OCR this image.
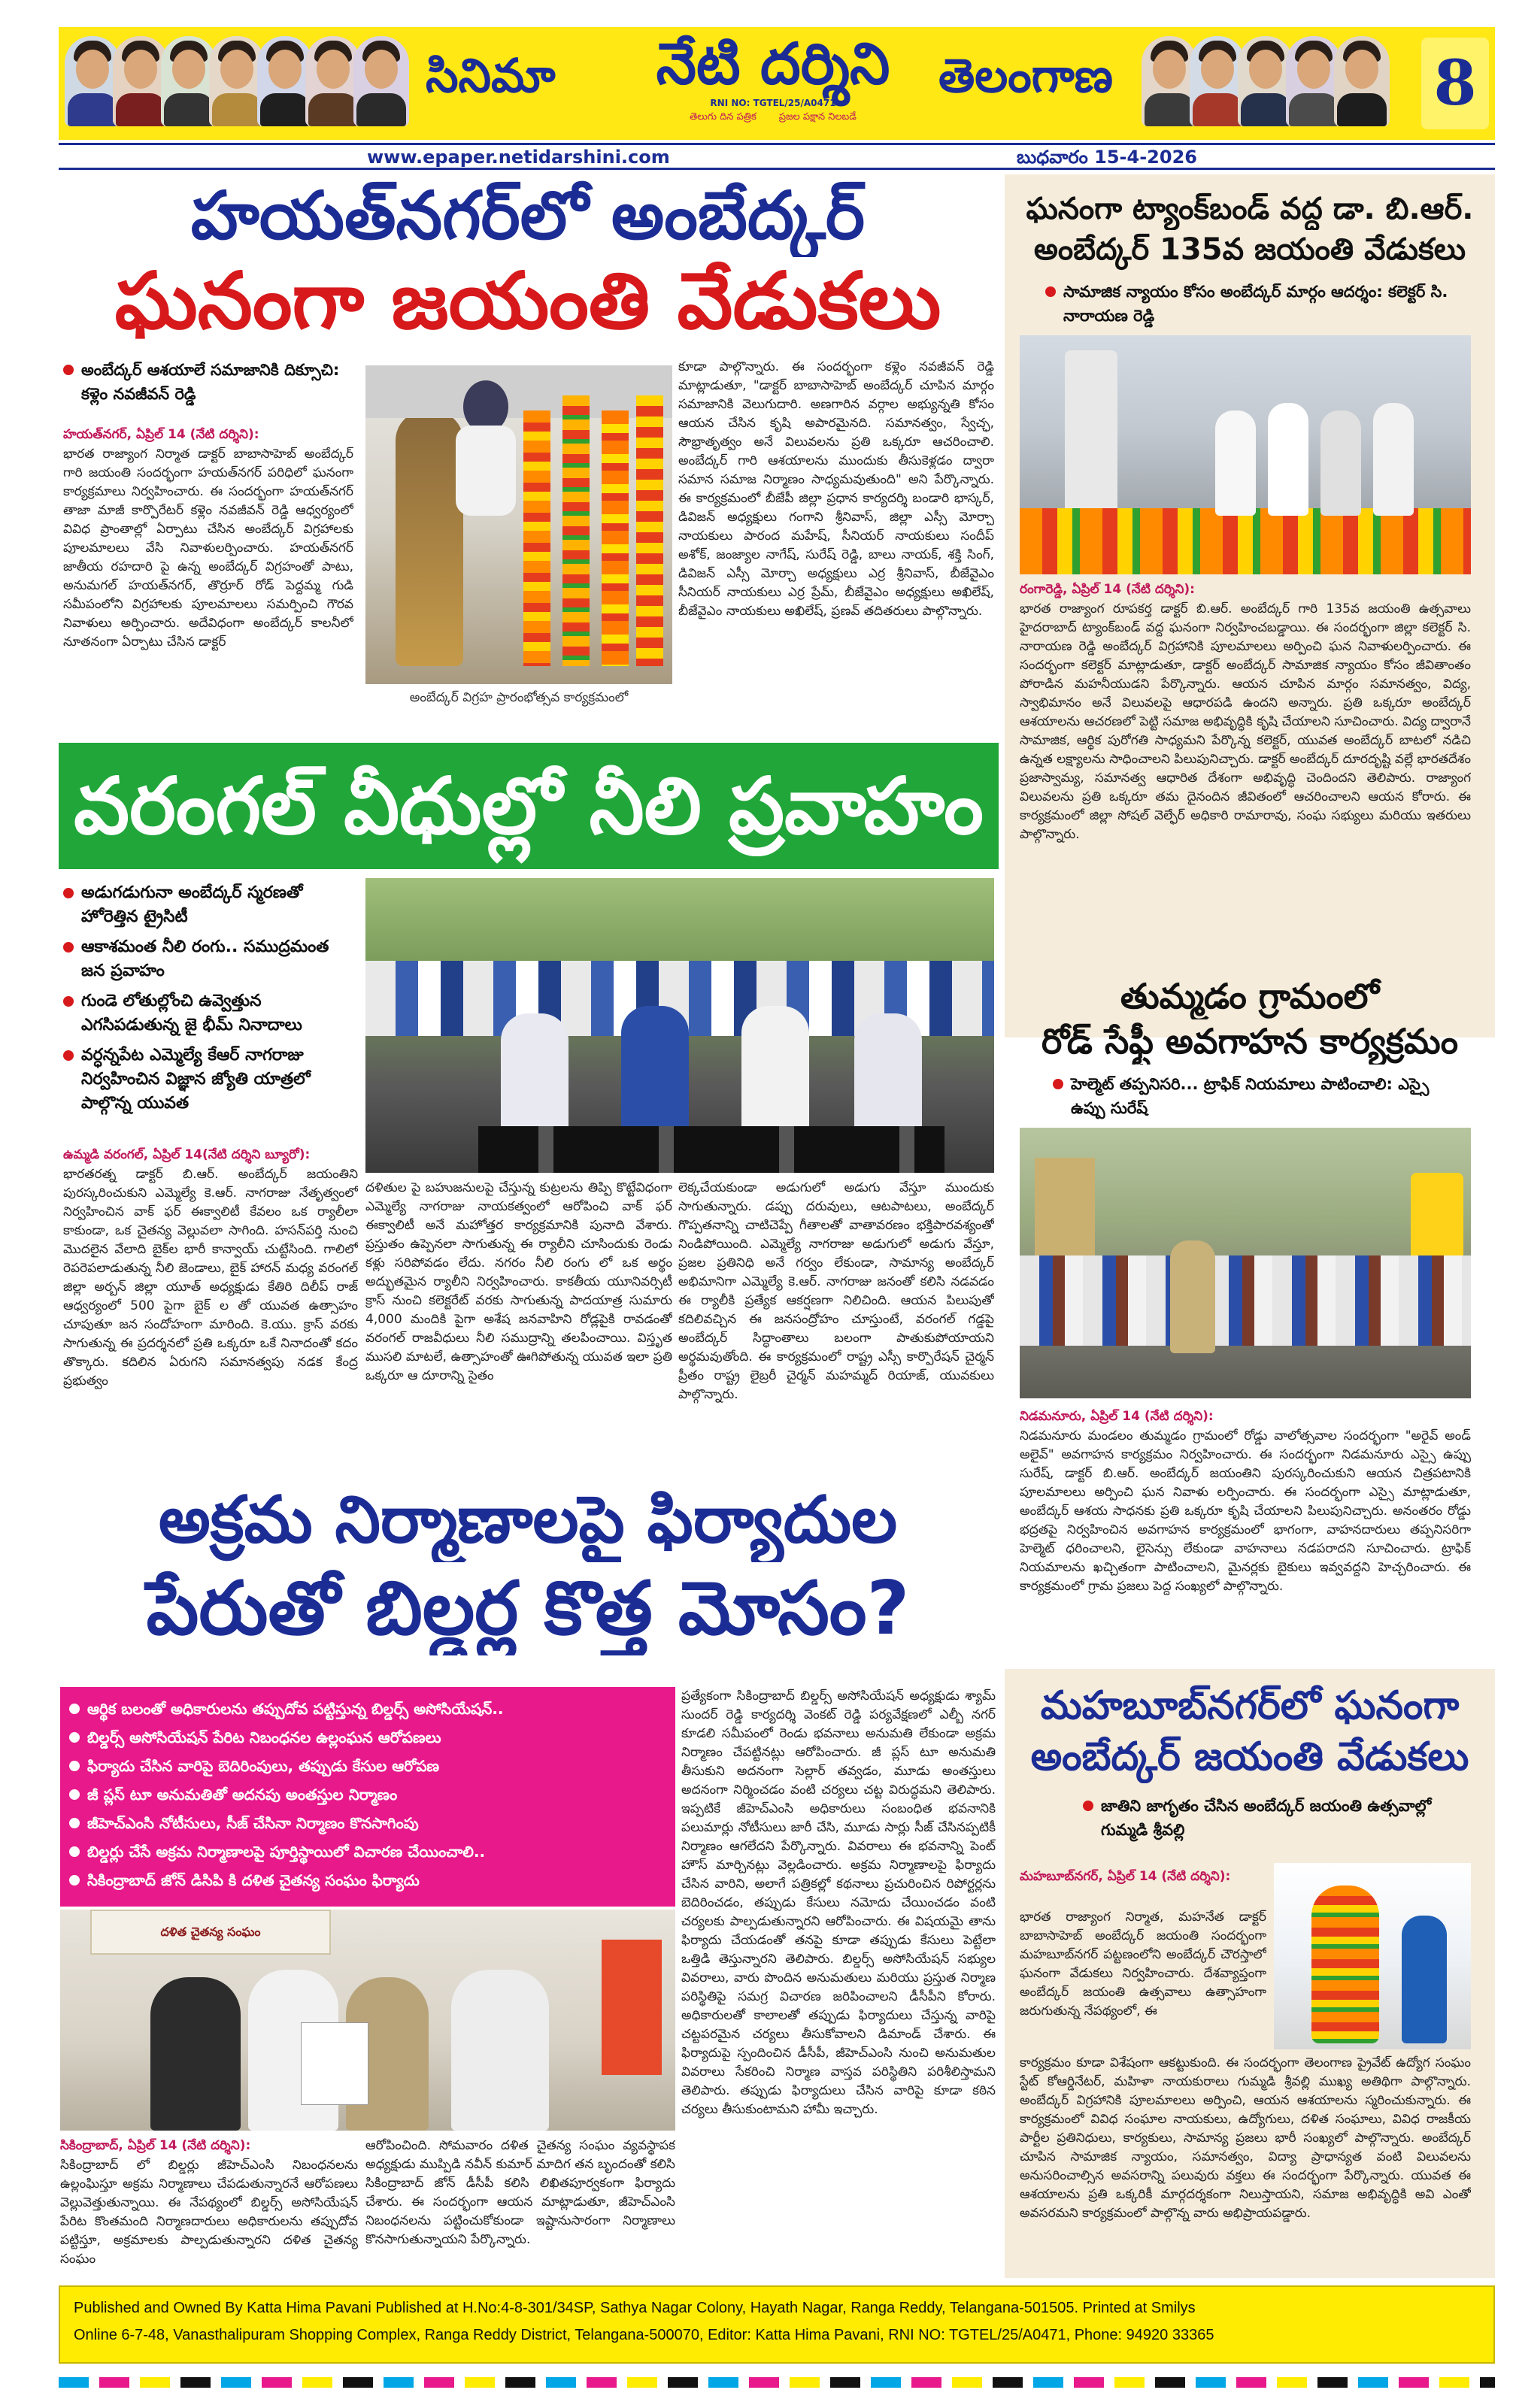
సినిమా	నేటి దర్శిని
RNI NO: TGTEL/25/A0471
తెలుగు దిన పత్రిక ప్రజల పక్షాన నిలబడే
తెలంగాణ	8
www.epaper.netidarshini.com	బుధవారం 15-4-2026
హయత్‌నగర్‌లో అంబేద్కర్
ఘనంగా జయంతి వేడుకలు
అంబేద్కర్ ఆశయాలే సమాజానికి దిక్సూచి: కళ్లెం నవజీవన్ రెడ్డి
హయత్‌నగర్, ఏప్రిల్ 14 (నేటి దర్శిని):
భారత రాజ్యాంగ నిర్మాత డాక్టర్ బాబాసాహెబ్ అంబేద్కర్ గారి జయంతి సందర్భంగా హయత్‌నగర్ పరిధిలో ఘనంగా కార్యక్రమాలు నిర్వహించారు. ఈ సందర్భంగా హయత్‌నగర్ తాజా మాజీ కార్పొరేటర్ కళ్లెం నవజీవన్ రెడ్డి ఆధ్వర్యంలో వివిధ ప్రాంతాల్లో ఏర్పాటు చేసిన అంబేద్కర్ విగ్రహాలకు పూలమాలలు వేసి నివాళులర్పించారు. హయత్‌నగర్ జాతీయ రహదారి పై ఉన్న అంబేద్కర్ విగ్రహంతో పాటు, అనుమగల్ హయత్‌నగర్, తొర్రూర్ రోడ్ పెద్దమ్మ గుడి సమీపంలోని విగ్రహాలకు పూలమాలలు సమర్పించి గౌరవ నివాళులు అర్పించారు. అదేవిధంగా అంబేద్కర్ కాలనీలో నూతనంగా ఏర్పాటు చేసిన డాక్టర్
అంబేద్కర్ విగ్రహ ప్రారంభోత్సవ కార్యక్రమంలో
కూడా పాల్గొన్నారు. ఈ సందర్భంగా కళ్లెం నవజీవన్ రెడ్డి మాట్లాడుతూ, "డాక్టర్ బాబాసాహెబ్ అంబేద్కర్ చూపిన మార్గం సమాజానికి వెలుగుదారి. అణగారిన వర్గాల అభ్యున్నతి కోసం ఆయన చేసిన కృషి అపారమైనది. సమానత్వం, స్వేచ్ఛ, సౌభ్రాతృత్వం అనే విలువలను ప్రతి ఒక్కరూ ఆచరించాలి. అంబేద్కర్ గారి ఆశయాలను ముందుకు తీసుకెళ్లడం ద్వారా సమాన సమాజ నిర్మాణం సాధ్యమవుతుంది" అని పేర్కొన్నారు. ఈ కార్యక్రమంలో బీజేపీ జిల్లా ప్రధాన కార్యదర్శి బండారి భాస్కర్, డివిజన్ అధ్యక్షులు గంగాని శ్రీనివాస్, జిల్లా ఎస్సీ మోర్చా నాయకులు పారంద మహేష్, సీనియర్ నాయకులు సందీప్ అశోక్, జంజ్యాల నాగేష్, సురేష్ రెడ్డి, బాలు నాయక్, శక్తి సింగ్, డివిజన్ ఎస్సీ మోర్చా అధ్యక్షులు ఎర్ర శ్రీనివాస్, బీజేవైఎం సీనియర్ నాయకులు ఎర్ర ప్రేమ్, బీజేవైఎం అధ్యక్షులు అఖిలేష్, బీజేవైఎం నాయకులు అఖిలేష్, ప్రణవ్ తదితరులు పాల్గొన్నారు.
ఘనంగా ట్యాంక్‌బండ్ వద్ద డా. బి.ఆర్.
అంబేద్కర్ 135వ జయంతి వేడుకలు
సామాజిక న్యాయం కోసం అంబేద్కర్ మార్గం ఆదర్శం: కలెక్టర్ సి. నారాయణ రెడ్డి
రంగారెడ్డి, ఏప్రిల్ 14 (నేటి దర్శిని):
భారత రాజ్యాంగ రూపకర్త డాక్టర్ బి.ఆర్. అంబేద్కర్ గారి 135వ జయంతి ఉత్సవాలు హైదరాబాద్ ట్యాంక్‌బండ్ వద్ద ఘనంగా నిర్వహించబడ్డాయి. ఈ సందర్భంగా జిల్లా కలెక్టర్ సి. నారాయణ రెడ్డి అంబేద్కర్ విగ్రహానికి పూలమాలలు అర్పించి ఘన నివాళులర్పించారు. ఈ సందర్భంగా కలెక్టర్ మాట్లాడుతూ, డాక్టర్ అంబేద్కర్ సామాజిక న్యాయం కోసం జీవితాంతం పోరాడిన మహనీయుడని పేర్కొన్నారు. ఆయన చూపిన మార్గం సమానత్వం, విద్య, స్వాభిమానం అనే విలువలపై ఆధారపడి ఉందని అన్నారు. ప్రతి ఒక్కరూ అంబేద్కర్ ఆశయాలను ఆచరణలో పెట్టి సమాజ అభివృద్ధికి కృషి చేయాలని సూచించారు. విద్య ద్వారానే సామాజిక, ఆర్థిక పురోగతి సాధ్యమని పేర్కొన్న కలెక్టర్, యువత అంబేద్కర్ బాటలో నడిచి ఉన్నత లక్ష్యాలను సాధించాలని పిలుపునిచ్చారు. డాక్టర్ అంబేద్కర్ దూరదృష్టి వల్లే భారతదేశం ప్రజాస్వామ్య, సమానత్వ ఆధారిత దేశంగా అభివృద్ధి చెందిందని తెలిపారు. రాజ్యాంగ విలువలను ప్రతి ఒక్కరూ తమ దైనందిన జీవితంలో ఆచరించాలని ఆయన కోరారు. ఈ కార్యక్రమంలో జిల్లా సోషల్ వెల్ఫేర్ అధికారి రామారావు, సంఘ సభ్యులు మరియు ఇతరులు పాల్గొన్నారు.
వరంగల్ వీధుల్లో నీలి ప్రవాహం
అడుగడుగునా అంబేద్కర్ స్మరణతో హోరెత్తిన ట్రైసిటీ
ఆకాశమంత నీలి రంగు.. సముద్రమంత జన ప్రవాహం
గుండె లోతుల్లోంచి ఉవ్వెత్తున ఎగసిపడుతున్న జై భీమ్ నినాదాలు
వర్ధన్నపేట ఎమ్మెల్యే కేఆర్ నాగరాజు నిర్వహించిన విజ్ఞాన జ్యోతి యాత్రలో పాల్గొన్న యువత
ఉమ్మడి వరంగల్, ఏప్రిల్ 14(నేటి దర్శిని బ్యూరో):
భారతరత్న డాక్టర్ బి.ఆర్. అంబేద్కర్ జయంతిని పురస్కరించుకుని ఎమ్మెల్యే కె.ఆర్. నాగరాజు నేతృత్వంలో నిర్వహించిన వాక్ ఫర్ ఈక్వాలిటీ కేవలం ఒక ర్యాలీలా కాకుండా, ఒక చైతన్య వెల్లువలా సాగింది. హసన్‌పర్తి నుంచి మొదలైన వేలాది బైక్‌ల భారీ కాన్వాయ్ చుట్టేసింది. గాలిలో రెపరెపలాడుతున్న నీలి జెండాలు, బైక్ హారన్ మధ్య వరంగల్ జిల్లా అర్బన్ జిల్లా యూత్ అధ్యక్షుడు కేతిరి దిలీప్ రాజ్ ఆధ్వర్యంలో 500 పైగా బైక్ ల తో యువత ఉత్సాహం చూపుతూ జన సందోహంగా మారింది. కె.యు. క్రాస్ వరకు సాగుతున్న ఈ ప్రదర్శనలో ప్రతి ఒక్కరూ ఒకే నినాదంతో కదం తొక్కారు. కదిలిన ఏరుగని సమానత్వపు నడక కేంద్ర ప్రభుత్వం
దళితుల పై బహుజనులపై చేస్తున్న కుట్రలను తిప్పి కొట్టేవిధంగా ఎమ్మెల్యే నాగరాజు నాయకత్వంలో ఆరోపించి వాక్ ఫర్ ఈక్వాలిటీ అనే మహోత్తర కార్యక్రమానికి పునాది వేశారు. ప్రస్తుతం ఉప్పెనలా సాగుతున్న ఈ ర్యాలీని చూసిందుకు రెండు కళ్లు సరిపోవడం లేదు. నగరం నీలి రంగు లో ఒక అర్థం అద్భుతమైన ర్యాలీని నిర్వహించారు. కాకతీయ యూనివర్సిటీ క్రాస్ నుంచి కలెక్టరేట్ వరకు సాగుతున్న పాదయాత్ర సుమారు 4,000 మందికి పైగా అశేష జనవాహిని రోడ్లపైకి రావడంతో వరంగల్ రాజవీధులు నీలి సముద్రాన్ని తలపించాయి. విస్తృత ముసలి మాటలే, ఉత్సాహంతో ఊగిపోతున్న యువత ఇలా ప్రతి ఒక్కరూ ఆ దూరాన్ని సైతం
లెక్కచేయకుండా అడుగులో అడుగు వేస్తూ ముందుకు సాగుతున్నారు. డప్పు దరువులు, ఆటపాటలు, అంబేద్కర్ గొప్పతనాన్ని చాటిచెప్పే గీతాలతో వాతావరణం భక్తిపారవశ్యంతో నిండిపోయింది. ఎమ్మెల్యే నాగరాజు అడుగులో అడుగు వేస్తూ, ప్రజల ప్రతినిధి అనే గర్వం లేకుండా, సామాన్య అంబేద్కర్ అభిమానిగా ఎమ్మెల్యే కె.ఆర్. నాగరాజు జనంతో కలిసి నడవడం ఈ ర్యాలీకి ప్రత్యేక ఆకర్షణగా నిలిచింది. ఆయన పిలుపుతో కదిలివచ్చిన ఈ జనసంద్రోహం చూస్తుంటే, వరంగల్ గడ్డపై అంబేద్కర్ సిద్ధాంతాలు బలంగా పాతుకుపోయాయని అర్థమవుతోంది. ఈ కార్యక్రమంలో రాష్ట్ర ఎస్సీ కార్పొరేషన్ చైర్మన్ ప్రీతం రాష్ట్ర లైబ్రరీ చైర్మన్ మహమ్మద్ రియాజ్, యువకులు పాల్గొన్నారు.
తుమ్మడం గ్రామంలో
రోడ్ సేఫ్టీ అవగాహన కార్యక్రమం
హెల్మెట్ తప్పనిసరి... ట్రాఫిక్ నియమాలు పాటించాలి: ఎస్సై ఉప్పు సురేష్
నిడమనూరు, ఏప్రిల్ 14 (నేటి దర్శిని):
నిడమనూరు మండలం తుమ్మడం గ్రామంలో రోడ్డు వాలోత్సవాల సందర్భంగా "అరైవ్ అండ్ అలైవ్" అవగాహన కార్యక్రమం నిర్వహించారు. ఈ సందర్భంగా నిడమనూరు ఎస్సై ఉప్పు సురేష్, డాక్టర్ బి.ఆర్. అంబేద్కర్ జయంతిని పురస్కరించుకుని ఆయన చిత్రపటానికి పూలమాలలు అర్పించి ఘన నివాళు లర్పించారు. ఈ సందర్భంగా ఎస్సై మాట్లాడుతూ, అంబేద్కర్ ఆశయ సాధనకు ప్రతి ఒక్కరూ కృషి చేయాలని పిలుపునిచ్చారు. అనంతరం రోడ్డు భద్రతపై నిర్వహించిన అవగాహన కార్యక్రమంలో భాగంగా, వాహనదారులు తప్పనిసరిగా హెల్మెట్ ధరించాలని, లైసెన్సు లేకుండా వాహనాలు నడపరాదని సూచించారు. ట్రాఫిక్ నియమాలను ఖచ్చితంగా పాటించాలని, మైనర్లకు బైకులు ఇవ్వవద్దని హెచ్చరించారు. ఈ కార్యక్రమంలో గ్రామ ప్రజలు పెద్ద సంఖ్యలో పాల్గొన్నారు.
అక్రమ నిర్మాణాలపై ఫిర్యాదుల
పేరుతో బిల్డర్ల కొత్త మోసం?
ఆర్థిక బలంతో అధికారులను తప్పుదోవ పట్టిస్తున్న బిల్డర్స్ అసోసియేషన్..
బిల్డర్స్ అసోసియేషన్ పేరిట నిబంధనల ఉల్లంఘన ఆరోపణలు
ఫిర్యాదు చేసిన వారిపై బెదిరింపులు, తప్పుడు కేసుల ఆరోపణ
జీ ప్లస్ టూ అనుమతితో అదనపు అంతస్తుల నిర్మాణం
జీహెచ్ఎంసి నోటీసులు, సీజ్ చేసినా నిర్మాణం కొనసాగింపు
బిల్డర్లు చేసే అక్రమ నిర్మాణాలపై పూర్తిస్థాయిలో విచారణ చేయించాలి..
సికింద్రాబాద్ జోన్ డిసిపి కి దళిత చైతన్య సంఘం ఫిర్యాదు
దళిత చైతన్య సంఘం
సికింద్రాబాద్, ఏప్రిల్ 14 (నేటి దర్శిని):
సికింద్రాబాద్ లో బిల్డర్లు జీహెచ్ఎంసి నిబంధనలను ఉల్లంఘిస్తూ అక్రమ నిర్మాణాలు చేపడుతున్నారనే ఆరోపణలు వెల్లువెత్తుతున్నాయి. ఈ నేపథ్యంలో బిల్డర్స్ అసోసియేషన్ పేరిట కొంతమంది నిర్మాణదారులు అధికారులను తప్పుదోవ పట్టిస్తూ, అక్రమాలకు పాల్పడుతున్నారని దళిత చైతన్య సంఘం
ఆరోపించింది. సోమవారం దళిత చైతన్య సంఘం వ్యవస్థాపక అధ్యక్షుడు ముప్పిడి నవీన్ కుమార్ మాదిగ తన బృందంతో కలిసి సికింద్రాబాద్ జోన్ డీసీపీ కలిసి లిఖితపూర్వకంగా ఫిర్యాదు చేశారు. ఈ సందర్భంగా ఆయన మాట్లాడుతూ, జీహెచ్ఎంసి నిబంధనలను పట్టించుకోకుండా ఇష్టానుసారంగా నిర్మాణాలు కొనసాగుతున్నాయని పేర్కొన్నారు.
ప్రత్యేకంగా సికింద్రాబాద్ బిల్డర్స్ అసోసియేషన్ అధ్యక్షుడు శ్యామ్ సుందర్ రెడ్డి కార్యదర్శి వెంకట్ రెడ్డి పర్యవేక్షణలో ఎల్బీ నగర్ కూడలి సమీపంలో రెండు భవనాలు అనుమతి లేకుండా అక్రమ నిర్మాణం చేపట్టినట్లు ఆరోపించారు. జీ ప్లస్ టూ అనుమతి తీసుకుని అదనంగా సెల్లార్ తవ్వడం, మూడు అంతస్తులు అదనంగా నిర్మించడం వంటి చర్యలు చట్ట విరుద్ధమని తెలిపారు. ఇప్పటికే జీహెచ్ఎంసి అధికారులు సంబంధిత భవనానికి పలుమార్లు నోటీసులు జారీ చేసి, మూడు సార్లు సీజ్ చేసినప్పటికీ నిర్మాణం ఆగలేదని పేర్కొన్నారు. వివరాలు ఈ భవనాన్ని పెంట్ హౌస్ మార్చినట్లు వెల్లడించారు. అక్రమ నిర్మాణాలపై ఫిర్యాదు చేసిన వారిని, అలాగే పత్రికల్లో కథనాలు ప్రచురించిన రిపోర్టర్లను బెదిరించడం, తప్పుడు కేసులు నమోదు చేయించడం వంటి చర్యలకు పాల్పడుతున్నారని ఆరోపించారు. ఈ విషయమై తాను ఫిర్యాదు చేయడంతో తనపై కూడా తప్పుడు కేసులు పెట్టేలా ఒత్తిడి తెస్తున్నారని తెలిపారు. బిల్డర్స్ అసోసియేషన్ సభ్యుల వివరాలు, వారు పొందిన అనుమతులు మరియు ప్రస్తుత నిర్మాణ పరిస్థితిపై సమగ్ర విచారణ జరిపించాలని డీసీపీని కోరారు. అధికారులతో కాలాలతో తప్పుడు ఫిర్యాదులు చేస్తున్న వారిపై చట్టపరమైన చర్యలు తీసుకోవాలని డిమాండ్ చేశారు. ఈ ఫిర్యాదుపై స్పందించిన డీసీపీ, జీహెచ్ఎంసి నుంచి అనుమతుల వివరాలు సేకరించి నిర్మాణ వాస్తవ పరిస్థితిని పరిశీలిస్తామని తెలిపారు. తప్పుడు ఫిర్యాదులు చేసిన వారిపై కూడా కఠిన చర్యలు తీసుకుంటామని హామీ ఇచ్చారు.
మహబూబ్‌నగర్‌లో ఘనంగా
అంబేద్కర్ జయంతి వేడుకలు
జాతిని జాగృతం చేసిన అంబేద్కర్ జయంతి ఉత్సవాల్లో గుమ్మడి శ్రీవల్లి
మహబూబ్‌నగర్, ఏప్రిల్ 14 (నేటి దర్శిని):
భారత రాజ్యాంగ నిర్మాత, మహనేత డాక్టర్ బాబాసాహెబ్ అంబేద్కర్ జయంతి సందర్భంగా మహబూబ్‌నగర్ పట్టణంలోని అంబేద్కర్ చౌరస్తాలో ఘనంగా వేడుకలు నిర్వహించారు. దేశవ్యాప్తంగా అంబేద్కర్ జయంతి ఉత్సవాలు ఉత్సాహంగా జరుగుతున్న నేపథ్యంలో, ఈ
కార్యక్రమం కూడా విశేషంగా ఆకట్టుకుంది. ఈ సందర్భంగా తెలంగాణ ప్రైవేట్ ఉద్యోగ సంఘం స్టేట్ కోఆర్డినేటర్, మహిళా నాయకురాలు గుమ్మడి శ్రీవల్లి ముఖ్య అతిథిగా పాల్గొన్నారు. అంబేద్కర్ విగ్రహానికి పూలమాలలు అర్పించి, ఆయన ఆశయాలను స్మరించుకున్నారు. ఈ కార్యక్రమంలో వివిధ సంఘాల నాయకులు, ఉద్యోగులు, దళిత సంఘాలు, వివిధ రాజకీయ పార్టీల ప్రతినిధులు, కార్యకులు, సామాన్య ప్రజలు భారీ సంఖ్యలో పాల్గొన్నారు. అంబేద్కర్ చూపిన సామాజిక న్యాయం, సమానత్వం, విద్యా ప్రాధాన్యత వంటి విలువలను అనుసరించాల్సిన అవసరాన్ని పలువురు వక్తలు ఈ సందర్భంగా పేర్కొన్నారు. యువత ఈ ఆశయాలను ప్రతి ఒక్కరికీ మార్గదర్శకంగా నిలుస్తాయని, సమాజ అభివృద్ధికి అవి ఎంతో అవసరమని కార్యక్రమంలో పాల్గొన్న వారు అభిప్రాయపడ్డారు.
Published and Owned By Katta Hima Pavani Published at H.No:4-8-301/34SP, Sathya Nagar Colony, Hayath Nagar, Ranga Reddy, Telangana-501505. Printed at Smilys
Online 6-7-48, Vanasthalipuram Shopping Complex, Ranga Reddy District, Telangana-500070, Editor: Katta Hima Pavani, RNI NO: TGTEL/25/A0471, Phone: 94920 33365
